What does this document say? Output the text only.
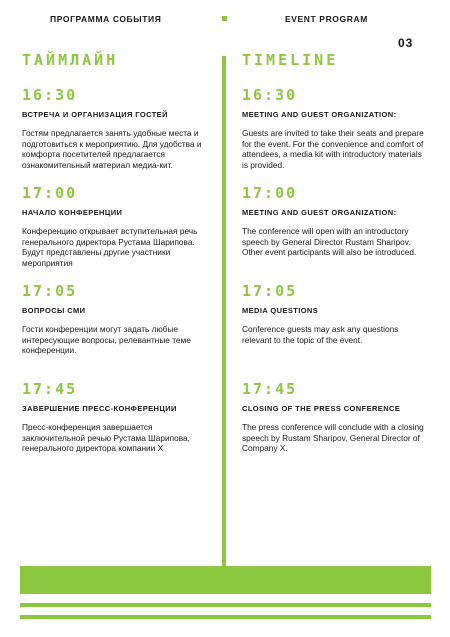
ПРОГРАММА СОБЫТИЯ	EVENT PROGRAM
03
ТАЙМЛАЙН
16:30
ВСТРЕЧА И ОРГАНИЗАЦИЯ ГОСТЕЙ
Гостям предлагается занять удобные места и подготовиться к мероприятию. Для удобства и комфорта посетителей предлагается ознакомительный материал медиа-кит.
17:00
НАЧАЛО КОНФЕРЕНЦИИ
Конференцию открывает вступительная речь генерального директора Рустама Шарипова. Будут представлены другие участники мероприятия
17:05
ВОПРОСЫ СМИ
Гости конференции могут задать любые интересующие вопросы, релевантные теме конференции.
17:45
ЗАВЕРШЕНИЕ ПРЕСС-КОНФЕРЕНЦИИ
Пресс-конференция завершается заключительной речью Рустама Шарипова, генерального директора компании X
TIMELINE
16:30
MEETING AND GUEST ORGANIZATION:
Guests are invited to take their seats and prepare for the event. For the convenience and comfort of attendees, a media kit with introductory materials is provided.
17:00
MEETING AND GUEST ORGANIZATION:
The conference will open with an introductory speech by General Director Rustam Sharipov. Other event participants will also be introduced.
17:05
MEDIA QUESTIONS
Conference guests may ask any questions relevant to the topic of the event.
17:45
CLOSING OF THE PRESS CONFERENCE
The press conference will conclude with a closing speech by Rustam Sharipov, General Director of Company X.
